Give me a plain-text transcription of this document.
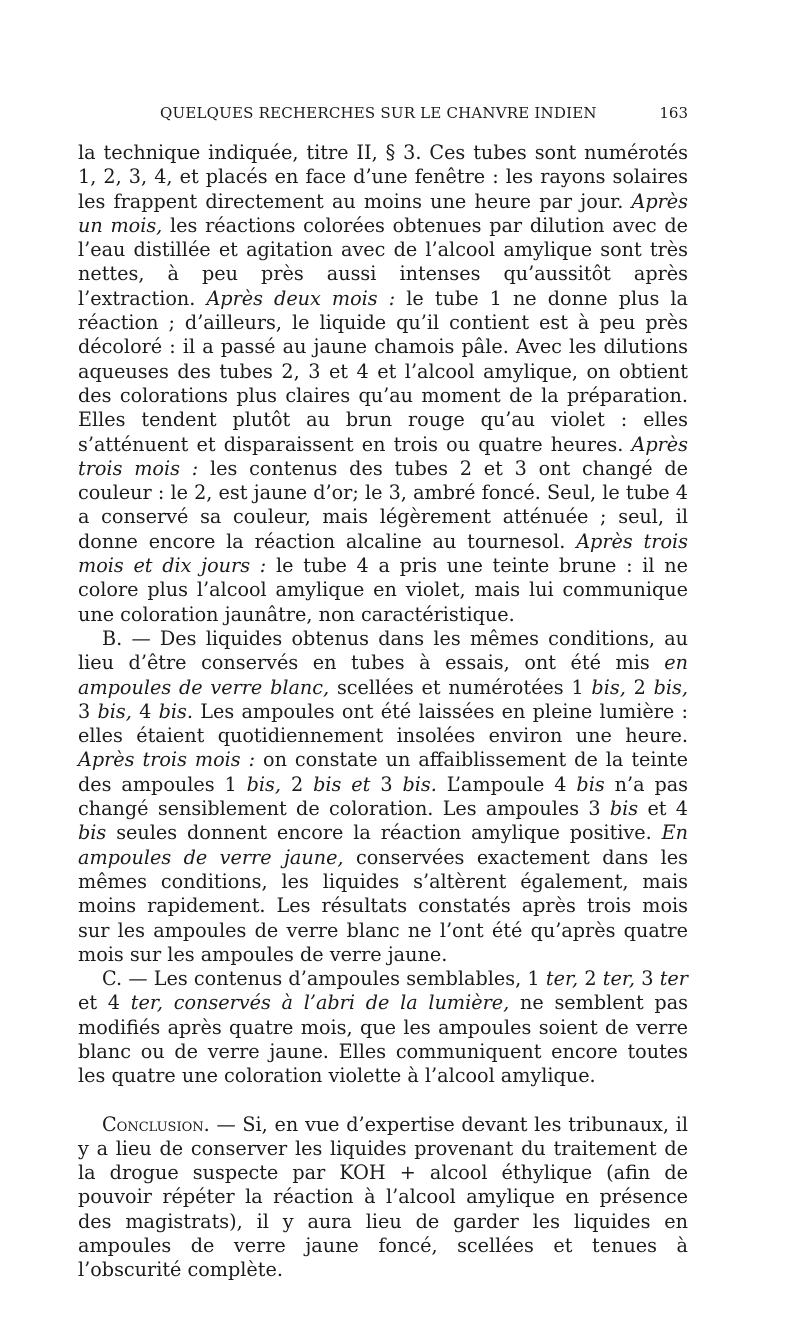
QUELQUES RECHERCHES SUR LE CHANVRE INDIEN	163

la technique indiquée, titre II, § 3. Ces tubes sont numérotés 1, 2, 3, 4, et placés en face d’une fenêtre : les rayons solaires les frappent directement au moins une heure par jour. Après un mois, les réactions colorées obtenues par dilution avec de l’eau distillée et agitation avec de l’alcool amylique sont très nettes, à peu près aussi intenses qu’aussitôt après l’extraction. Après deux mois : le tube 1 ne donne plus la réaction ; d’ailleurs, le liquide qu’il contient est à peu près décoloré : il a passé au jaune chamois pâle. Avec les dilutions aqueuses des tubes 2, 3 et 4 et l’alcool amylique, on obtient des colorations plus claires qu’au moment de la préparation. Elles tendent plutôt au brun rouge qu’au violet : elles s’atténuent et disparaissent en trois ou quatre heures. Après trois mois : les contenus des tubes 2 et 3 ont changé de couleur : le 2, est jaune d’or; le 3, ambré foncé. Seul, le tube 4 a conservé sa couleur, mais légèrement atténuée ; seul, il donne encore la réaction alcaline au tournesol. Après trois mois et dix jours : le tube 4 a pris une teinte brune : il ne colore plus l’alcool amylique en violet, mais lui communique une coloration jaunâtre, non caractéristique.

B. — Des liquides obtenus dans les mêmes conditions, au lieu d’être conservés en tubes à essais, ont été mis en ampoules de verre blanc, scellées et numérotées 1 bis, 2 bis, 3 bis, 4 bis. Les ampoules ont été laissées en pleine lumière : elles étaient quotidiennement insolées environ une heure. Après trois mois : on constate un affaiblissement de la teinte des ampoules 1 bis, 2 bis et 3 bis. L’ampoule 4 bis n’a pas changé sensiblement de coloration. Les ampoules 3 bis et 4 bis seules donnent encore la réaction amylique positive. En ampoules de verre jaune, conservées exactement dans les mêmes conditions, les liquides s’altèrent également, mais moins rapidement. Les résultats constatés après trois mois sur les ampoules de verre blanc ne l’ont été qu’après quatre mois sur les ampoules de verre jaune.

C. — Les contenus d’ampoules semblables, 1 ter, 2 ter, 3 ter et 4 ter, conservés à l’abri de la lumière, ne semblent pas modifiés après quatre mois, que les ampoules soient de verre blanc ou de verre jaune. Elles communiquent encore toutes les quatre une coloration violette à l’alcool amylique.

Conclusion. — Si, en vue d’expertise devant les tribunaux, il y a lieu de conserver les liquides provenant du traitement de la drogue suspecte par KOH + alcool éthylique (afin de pouvoir répéter la réaction à l’alcool amylique en présence des magistrats), il y aura lieu de garder les liquides en ampoules de verre jaune foncé, scellées et tenues à l’obscurité complète.
